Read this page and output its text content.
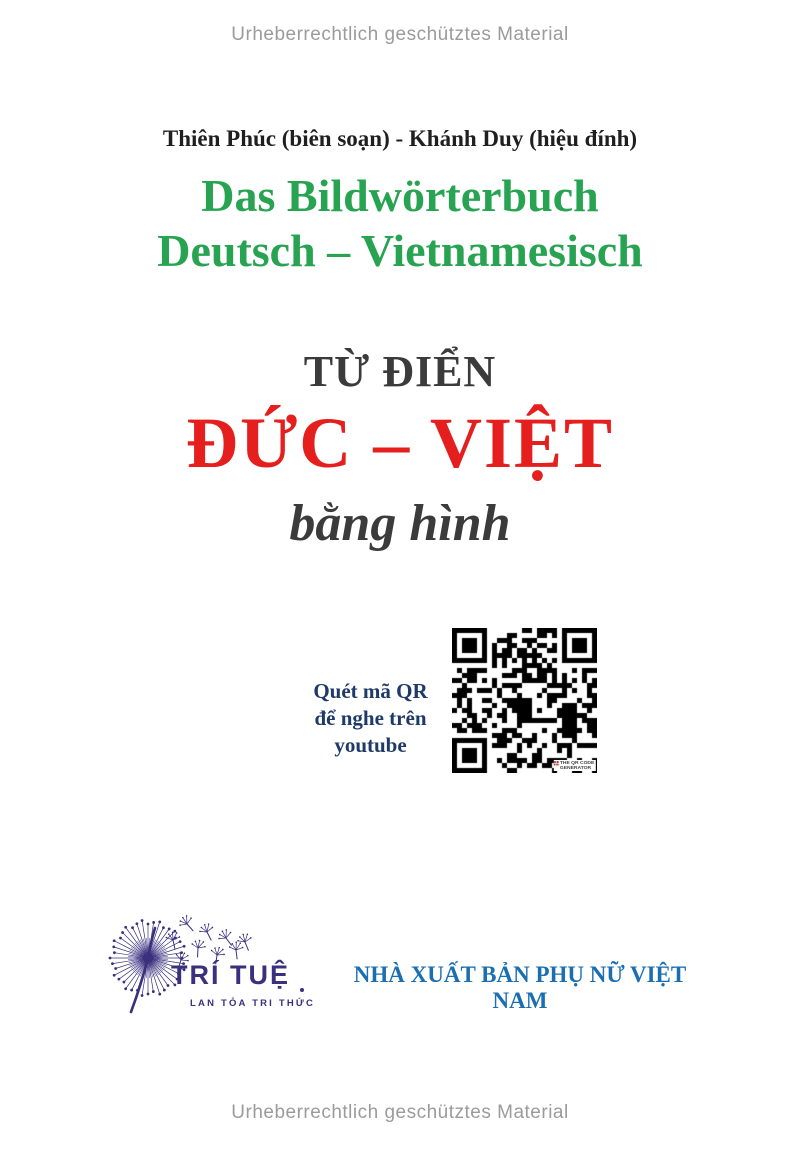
Urheberrechtlich geschütztes Material
Thiên Phúc (biên soạn) - Khánh Duy (hiệu đính)
Das Bildwörterbuch
Deutsch – Vietnamesisch
TỪ ĐIỂN
ĐỨC – VIỆT
bằng hình
Quét mã QR
để nghe trên
youtube
THE QR CODE
GENERATOR
TRÍ TUỆ
LAN TỎA TRI THỨC
NHÀ XUẤT BẢN PHỤ NỮ VIỆT NAM
Urheberrechtlich geschütztes Material
